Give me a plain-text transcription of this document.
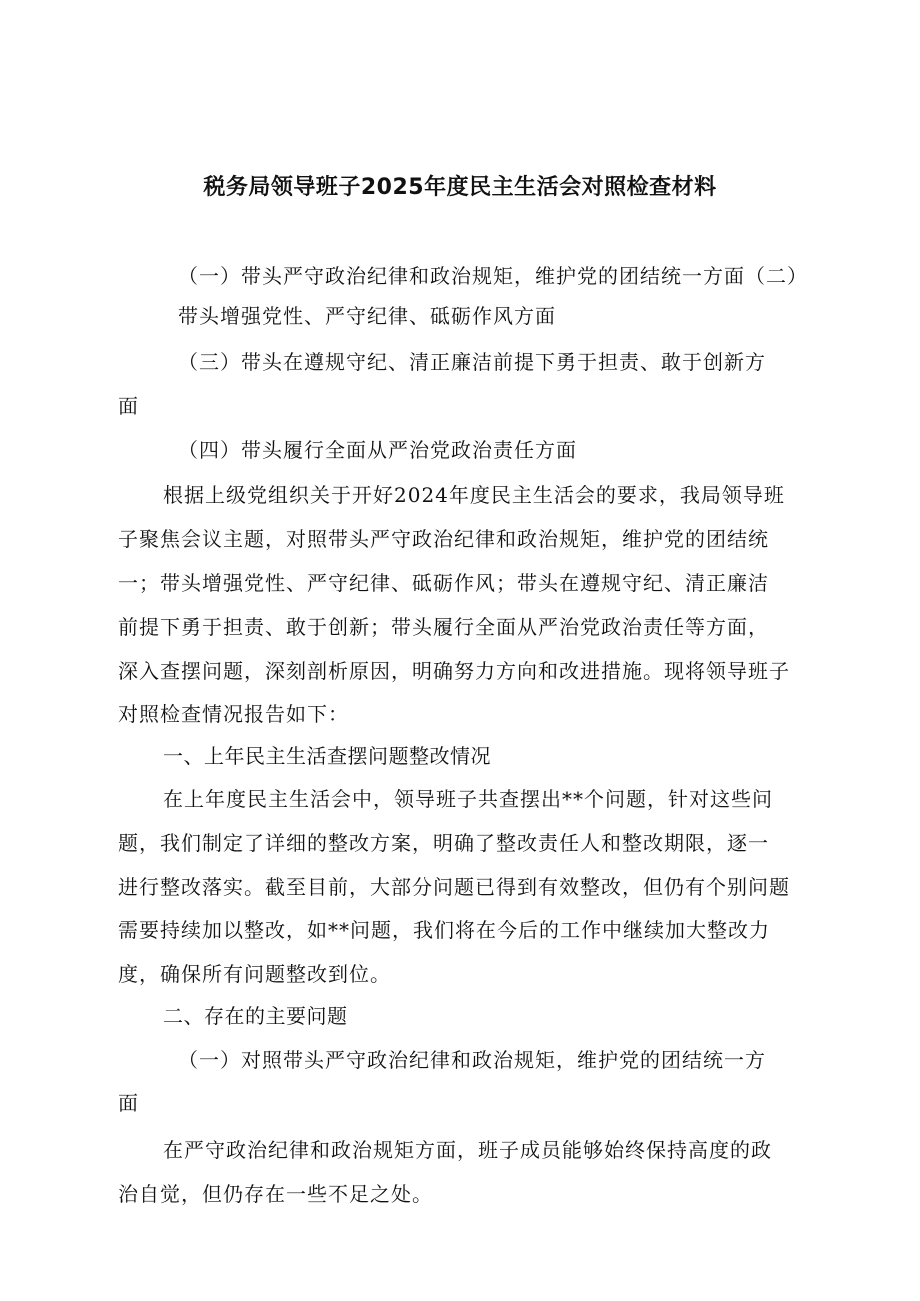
税务局领导班子2025年度民主生活会对照检查材料
（一）带头严守政治纪律和政治规矩，维护党的团结统一方面（二）
带头增强党性、严守纪律、砥砺作风方面
（三）带头在遵规守纪、清正廉洁前提下勇于担责、敢于创新方
面
（四）带头履行全面从严治党政治责任方面
根据上级党组织关于开好2024年度民主生活会的要求，我局领导班
子聚焦会议主题，对照带头严守政治纪律和政治规矩，维护党的团结统
一；带头增强党性、严守纪律、砥砺作风；带头在遵规守纪、清正廉洁
前提下勇于担责、敢于创新；带头履行全面从严治党政治责任等方面，
深入查摆问题，深刻剖析原因，明确努力方向和改进措施。现将领导班子
对照检查情况报告如下：
一、上年民主生活查摆问题整改情况
在上年度民主生活会中，领导班子共查摆出**个问题，针对这些问
题，我们制定了详细的整改方案，明确了整改责任人和整改期限，逐一
进行整改落实。截至目前，大部分问题已得到有效整改，但仍有个别问题
需要持续加以整改，如**问题，我们将在今后的工作中继续加大整改力
度，确保所有问题整改到位。
二、存在的主要问题
（一）对照带头严守政治纪律和政治规矩，维护党的团结统一方
面
在严守政治纪律和政治规矩方面，班子成员能够始终保持高度的政
治自觉，但仍存在一些不足之处。
